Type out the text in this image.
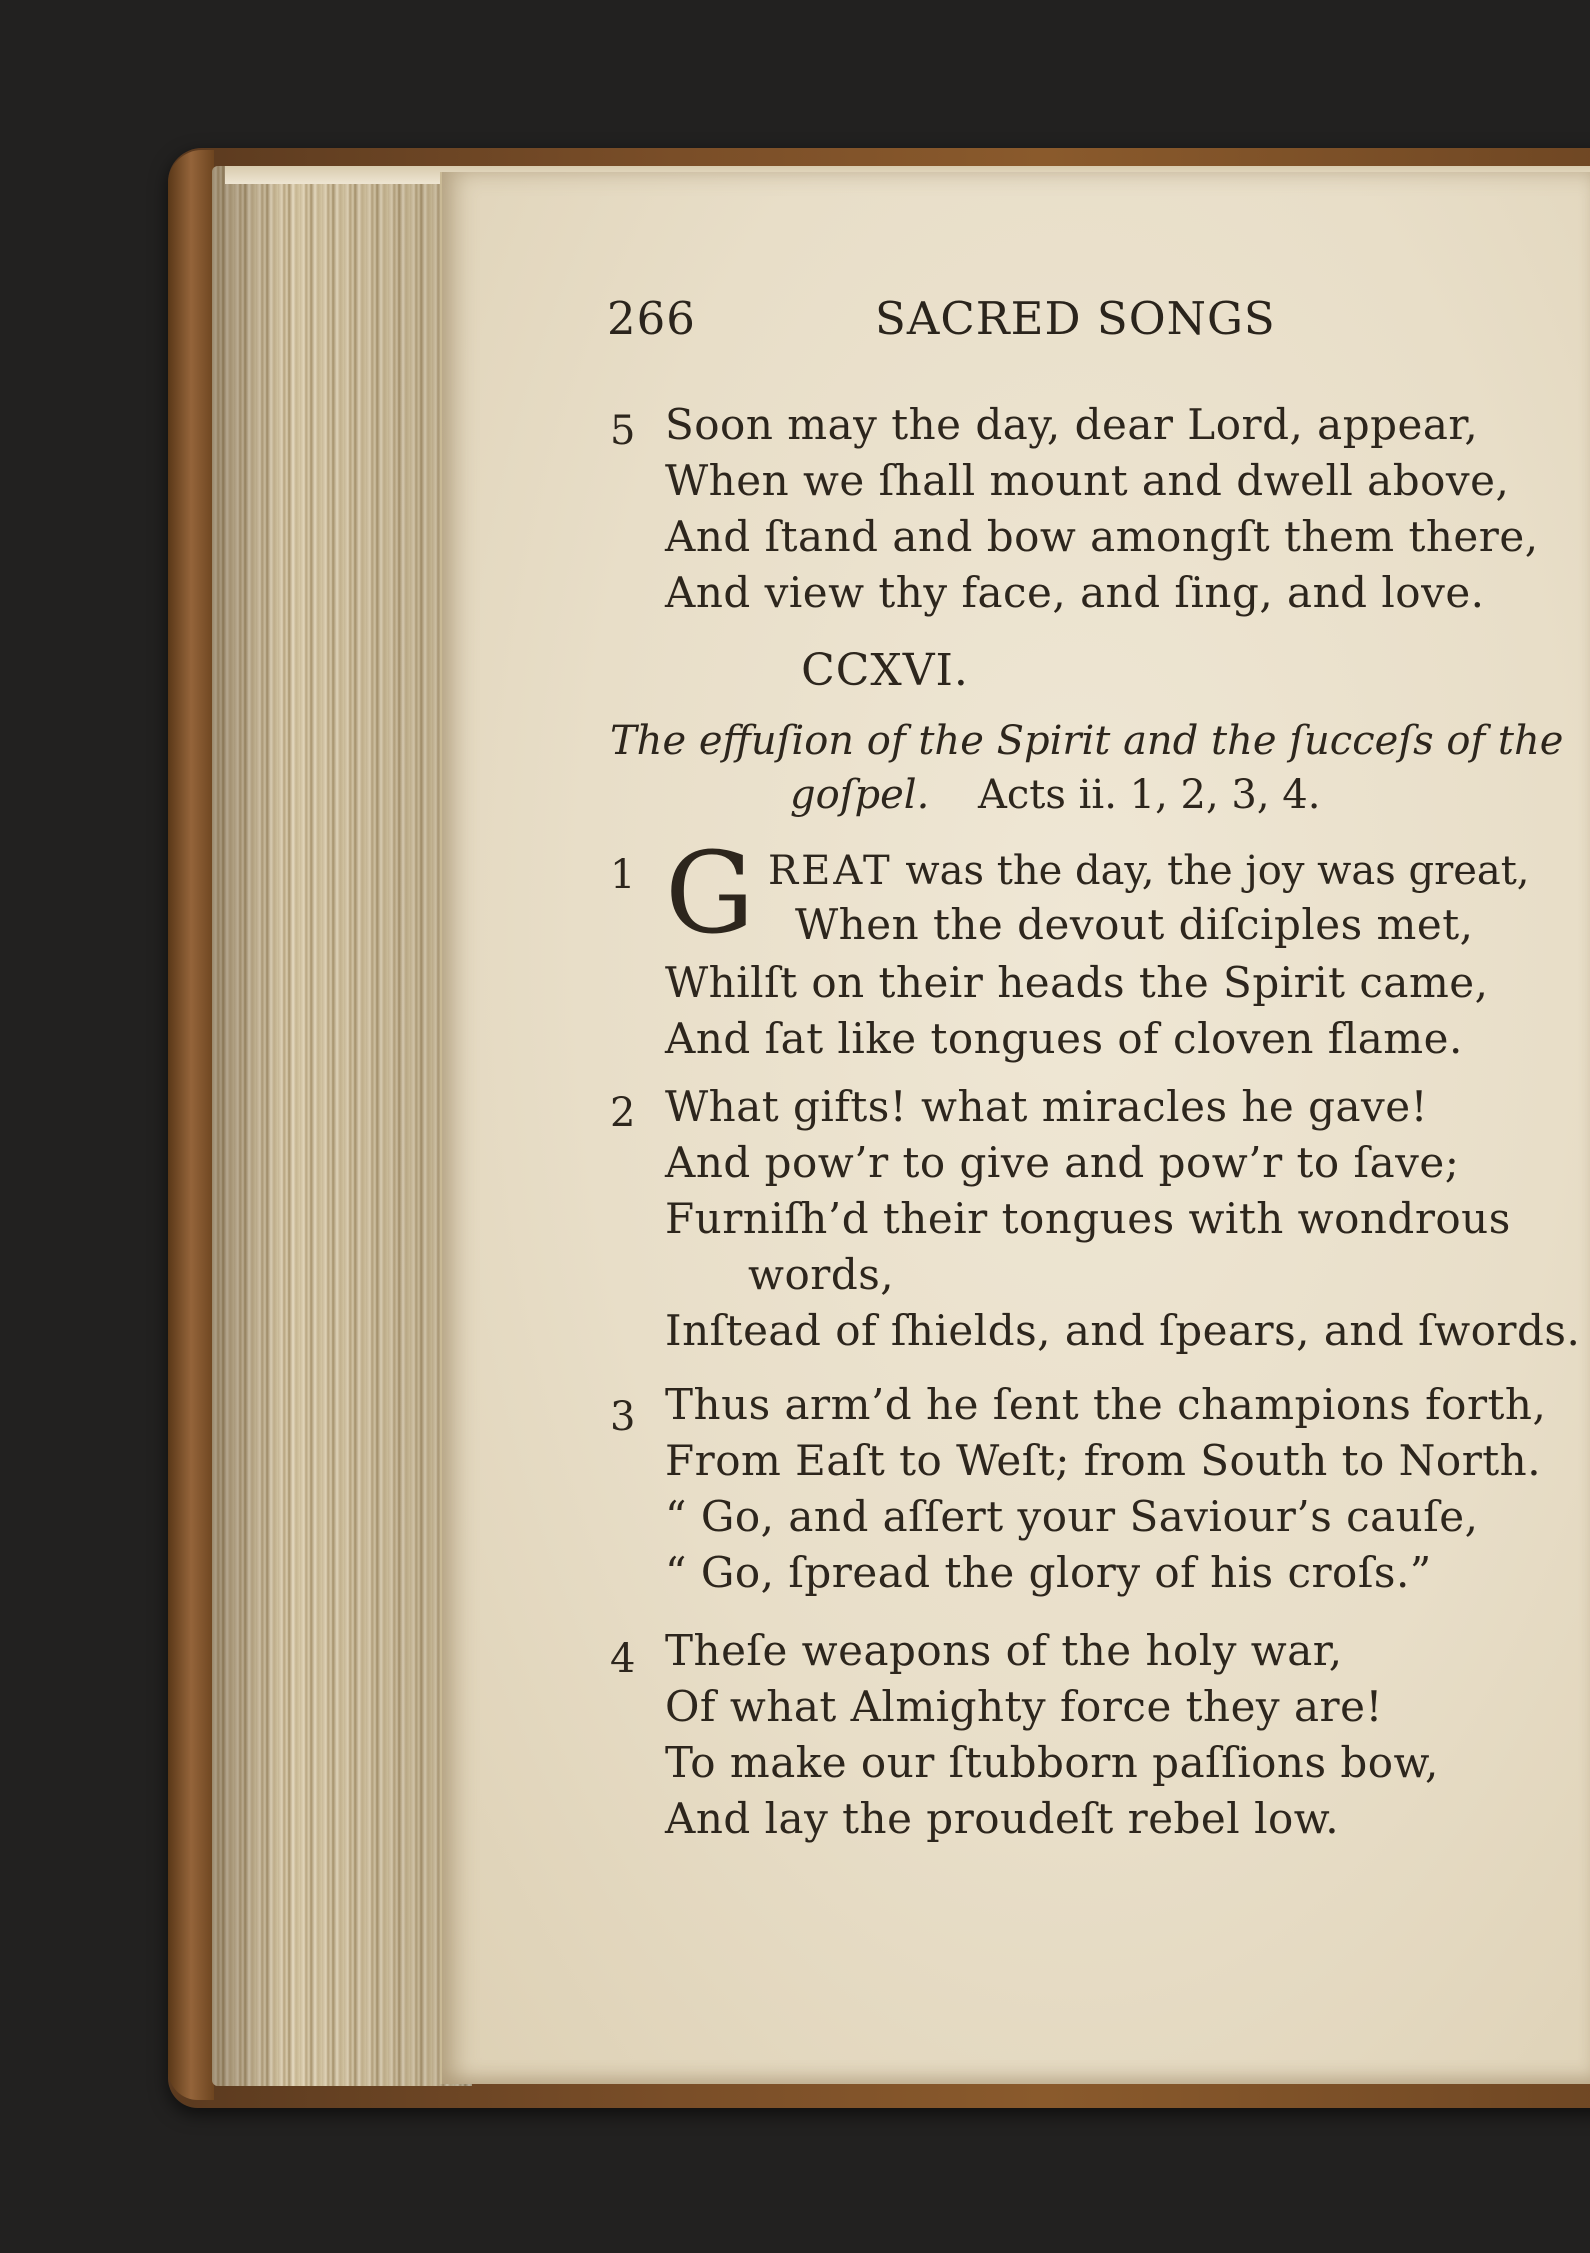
266	SACRED SONGS
5 Soon may the day, dear Lord, appear,
When we ſhall mount and dwell above,
And ſtand and bow amongſt them there,
And view thy face, and ſing, and love.
CCXVI.
The effuſion of the Spirit and the ſucceſs of the
goſpel. Acts ii. 1, 2, 3, 4.
1 G REAT was the day, the joy was great,
When the devout diſciples met,
Whilſt on their heads the Spirit came,
And ſat like tongues of cloven flame.
2 What gifts! what miracles he gave!
And pow’r to give and pow’r to ſave;
Furniſh’d their tongues with wondrous
words,
Inſtead of ſhields, and ſpears, and ſwords.
3 Thus arm’d he ſent the champions forth,
From Eaſt to Weſt; from South to North.
“ Go, and aſſert your Saviour’s cauſe,
“ Go, ſpread the glory of his croſs.”
4 Theſe weapons of the holy war,
Of what Almighty force they are!
To make our ſtubborn paſſions bow,
And lay the proudeſt rebel low.
